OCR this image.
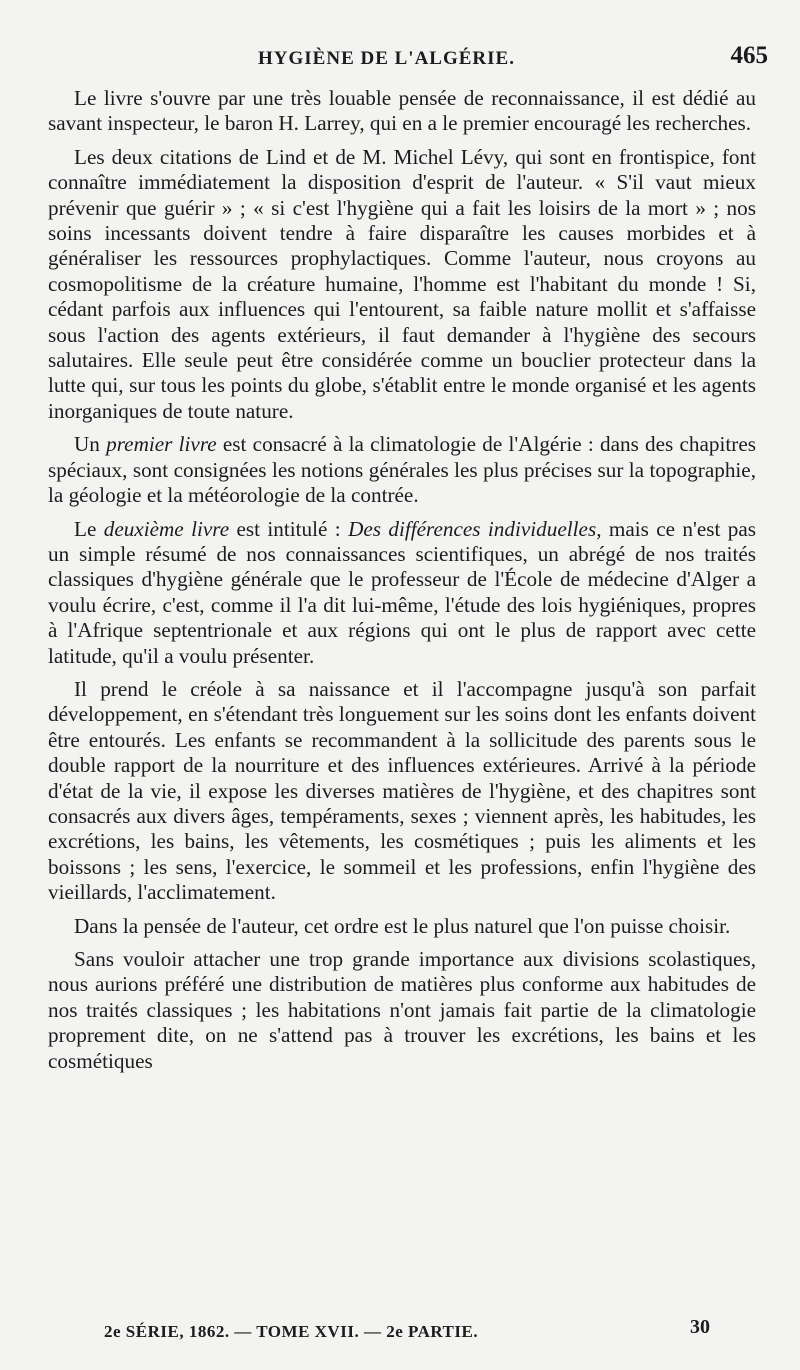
HYGIÈNE DE L'ALGÉRIE.	465

Le livre s'ouvre par une très louable pensée de reconnaissance, il est dédié au savant inspecteur, le baron H. Larrey, qui en a le premier encouragé les recherches.

Les deux citations de Lind et de M. Michel Lévy, qui sont en frontispice, font connaître immédiatement la disposition d'esprit de l'auteur. « S'il vaut mieux prévenir que guérir » ; « si c'est l'hygiène qui a fait les loisirs de la mort » ; nos soins incessants doivent tendre à faire disparaître les causes morbides et à généraliser les ressources prophylactiques. Comme l'auteur, nous croyons au cosmopolitisme de la créature humaine, l'homme est l'habitant du monde ! Si, cédant parfois aux influences qui l'entourent, sa faible nature mollit et s'affaisse sous l'action des agents extérieurs, il faut demander à l'hygiène des secours salutaires. Elle seule peut être considérée comme un bouclier protecteur dans la lutte qui, sur tous les points du globe, s'établit entre le monde organisé et les agents inorganiques de toute nature.

Un premier livre est consacré à la climatologie de l'Algérie : dans des chapitres spéciaux, sont consignées les notions générales les plus précises sur la topographie, la géologie et la météorologie de la contrée.

Le deuxième livre est intitulé : Des différences individuelles, mais ce n'est pas un simple résumé de nos connaissances scientifiques, un abrégé de nos traités classiques d'hygiène générale que le professeur de l'École de médecine d'Alger a voulu écrire, c'est, comme il l'a dit lui-même, l'étude des lois hygiéniques, propres à l'Afrique septentrionale et aux régions qui ont le plus de rapport avec cette latitude, qu'il a voulu présenter.

Il prend le créole à sa naissance et il l'accompagne jusqu'à son parfait développement, en s'étendant très longuement sur les soins dont les enfants doivent être entourés. Les enfants se recommandent à la sollicitude des parents sous le double rapport de la nourriture et des influences extérieures. Arrivé à la période d'état de la vie, il expose les diverses matières de l'hygiène, et des chapitres sont consacrés aux divers âges, tempéraments, sexes ; viennent après, les habitudes, les excrétions, les bains, les vêtements, les cosmétiques ; puis les aliments et les boissons ; les sens, l'exercice, le sommeil et les professions, enfin l'hygiène des vieillards, l'acclimatement.

Dans la pensée de l'auteur, cet ordre est le plus naturel que l'on puisse choisir.

Sans vouloir attacher une trop grande importance aux divisions scolastiques, nous aurions préféré une distribution de matières plus conforme aux habitudes de nos traités classiques ; les habitations n'ont jamais fait partie de la climatologie proprement dite, on ne s'attend pas à trouver les excrétions, les bains et les cosmétiques

2e SÉRIE, 1862. — TOME XVII. — 2e PARTIE.	30
